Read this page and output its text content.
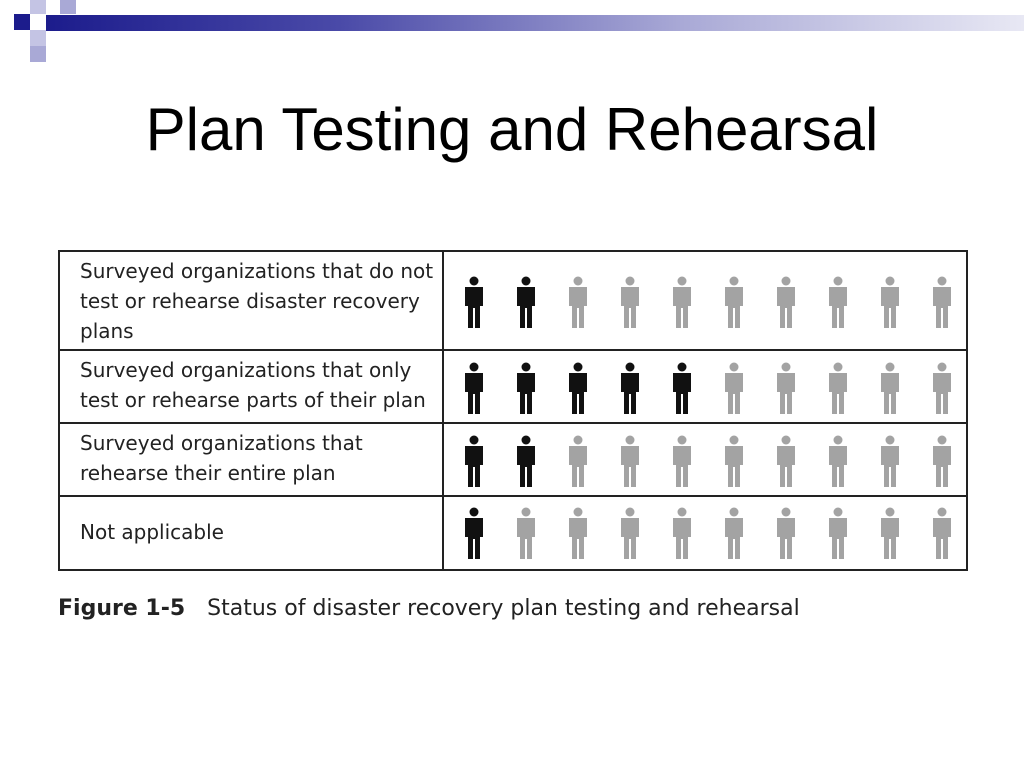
Plan Testing and Rehearsal
Surveyed organizations that do not test or rehearse disaster recovery plans
Surveyed organizations that only test or rehearse parts of their plan
Surveyed organizations that rehearse their entire plan
Not applicable
Figure 1-5 Status of disaster recovery plan testing and rehearsal
